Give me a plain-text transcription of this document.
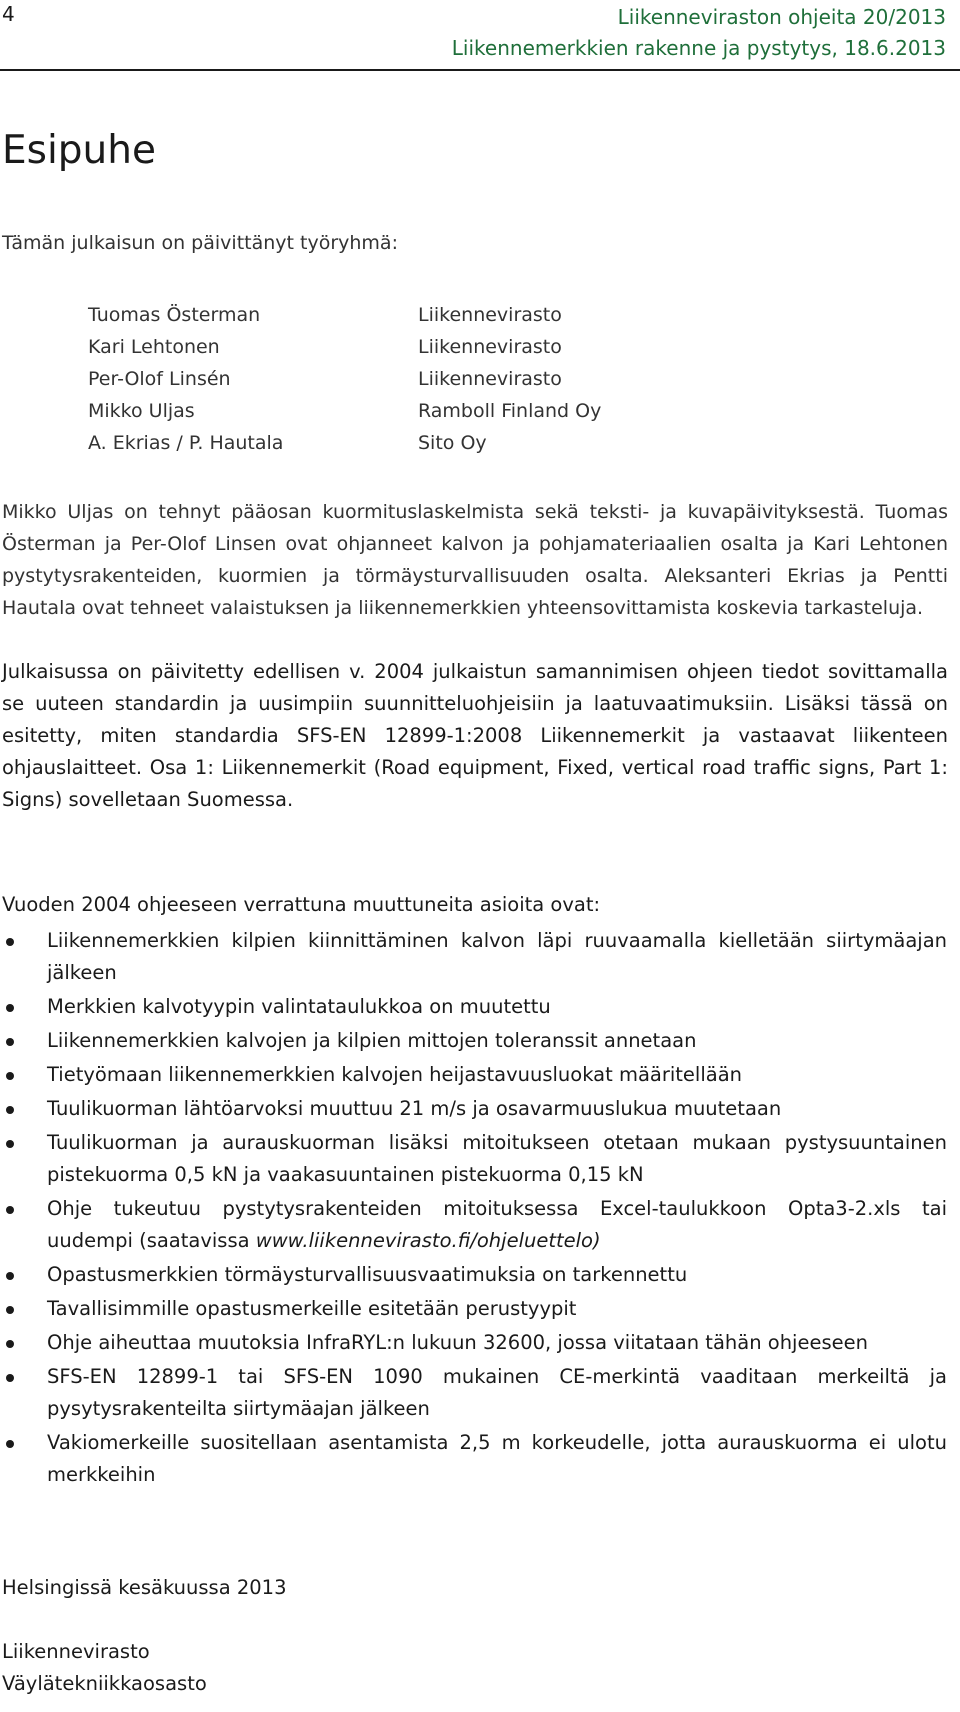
4	Liikenneviraston ohjeita 20/2013
Liikennemerkkien rakenne ja pystytys, 18.6.2013
Esipuhe
Tämän julkaisun on päivittänyt työryhmä:
Tuomas Österman	Liikennevirasto
Kari Lehtonen	Liikennevirasto
Per-Olof Linsén	Liikennevirasto
Mikko Uljas	Ramboll Finland Oy
A. Ekrias / P. Hautala	Sito Oy

Mikko Uljas on tehnyt pääosan kuormituslaskelmista sekä teksti- ja kuvapäivityksestä. Tuomas Österman ja Per-Olof Linsen ovat ohjanneet kalvon ja pohjamateriaalien osalta ja Kari Lehtonen pystytysrakenteiden, kuormien ja törmäysturvallisuuden osalta. Aleksanteri Ekrias ja Pentti Hautala ovat tehneet valaistuksen ja liikennemerkkien yhteensovittamista koskevia tarkasteluja.

Julkaisussa on päivitetty edellisen v. 2004 julkaistun samannimisen ohjeen tiedot sovittamalla se uuteen standardin ja uusimpiin suunnitteluohjeisiin ja laatuvaatimuksiin. Lisäksi tässä on esitetty, miten standardia SFS-EN 12899-1:2008 Liikennemerkit ja vastaavat liikenteen ohjauslaitteet. Osa 1: Liikennemerkit (Road equipment, Fixed, vertical road traffic signs, Part 1: Signs) sovelletaan Suomessa.

Vuoden 2004 ohjeeseen verrattuna muuttuneita asioita ovat:
Liikennemerkkien kilpien kiinnittäminen kalvon läpi ruuvaamalla kielletään siirtymäajan jälkeen
Merkkien kalvotyypin valintataulukkoa on muutettu
Liikennemerkkien kalvojen ja kilpien mittojen toleranssit annetaan
Tietyömaan liikennemerkkien kalvojen heijastavuusluokat määritellään
Tuulikuorman lähtöarvoksi muuttuu 21 m/s ja osavarmuuslukua muutetaan
Tuulikuorman ja aurauskuorman lisäksi mitoitukseen otetaan mukaan pystysuuntainen pistekuorma 0,5 kN ja vaakasuuntainen pistekuorma 0,15 kN
Ohje tukeutuu pystytysrakenteiden mitoituksessa Excel-taulukkoon Opta3-2.xls tai uudempi (saatavissa www.liikennevirasto.fi/ohjeluettelo)
Opastusmerkkien törmäysturvallisuusvaatimuksia on tarkennettu
Tavallisimmille opastusmerkeille esitetään perustyypit
Ohje aiheuttaa muutoksia InfraRYL:n lukuun 32600, jossa viitataan tähän ohjeeseen
SFS-EN 12899-1 tai SFS-EN 1090 mukainen CE-merkintä vaaditaan merkeiltä ja pysytysrakenteilta siirtymäajan jälkeen
Vakiomerkeille suositellaan asentamista 2,5 m korkeudelle, jotta aurauskuorma ei ulotu merkkeihin
Helsingissä kesäkuussa 2013
Liikennevirasto
Väylätekniikkaosasto
